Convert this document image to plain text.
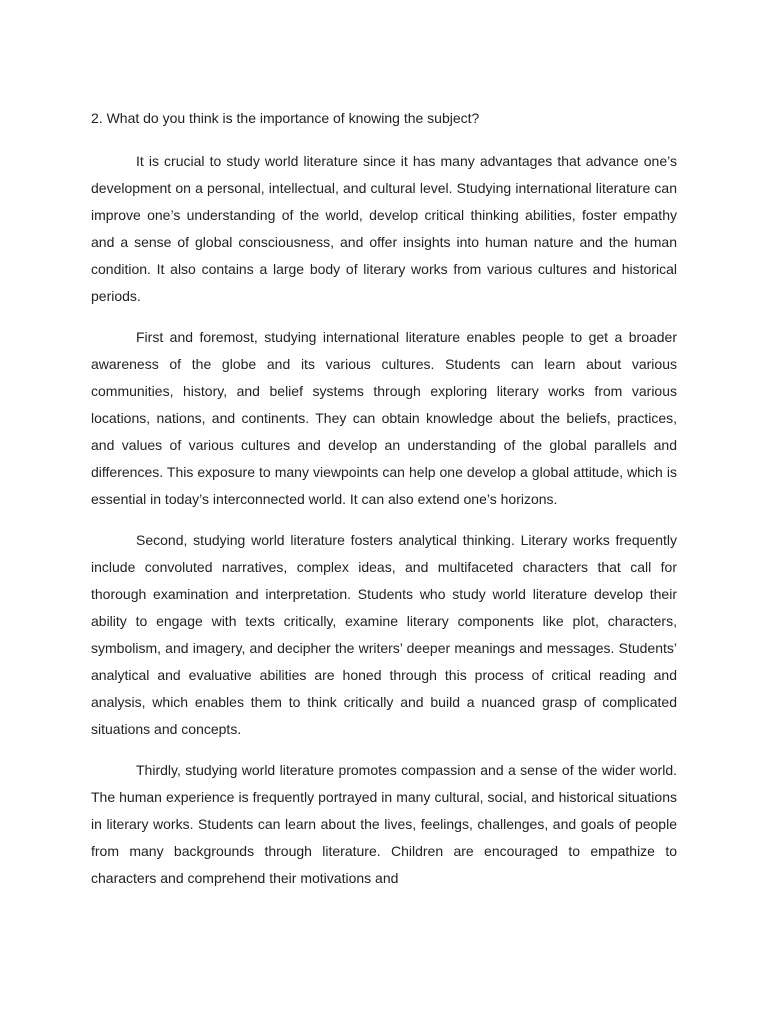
2. What do you think is the importance of knowing the subject?

It is crucial to study world literature since it has many advantages that advance one’s development on a personal, intellectual, and cultural level. Studying international literature can improve one’s understanding of the world, develop critical thinking abilities, foster empathy and a sense of global consciousness, and offer insights into human nature and the human condition. It also contains a large body of literary works from various cultures and historical periods.

First and foremost, studying international literature enables people to get a broader awareness of the globe and its various cultures. Students can learn about various communities, history, and belief systems through exploring literary works from various locations, nations, and continents. They can obtain knowledge about the beliefs, practices, and values of various cultures and develop an understanding of the global parallels and differences. This exposure to many viewpoints can help one develop a global attitude, which is essential in today’s interconnected world. It can also extend one’s horizons.

Second, studying world literature fosters analytical thinking. Literary works frequently include convoluted narratives, complex ideas, and multifaceted characters that call for thorough examination and interpretation. Students who study world literature develop their ability to engage with texts critically, examine literary components like plot, characters, symbolism, and imagery, and decipher the writers’ deeper meanings and messages. Students’ analytical and evaluative abilities are honed through this process of critical reading and analysis, which enables them to think critically and build a nuanced grasp of complicated situations and concepts.

Thirdly, studying world literature promotes compassion and a sense of the wider world. The human experience is frequently portrayed in many cultural, social, and historical situations in literary works. Students can learn about the lives, feelings, challenges, and goals of people from many backgrounds through literature. Children are encouraged to empathize to characters and comprehend their motivations and
